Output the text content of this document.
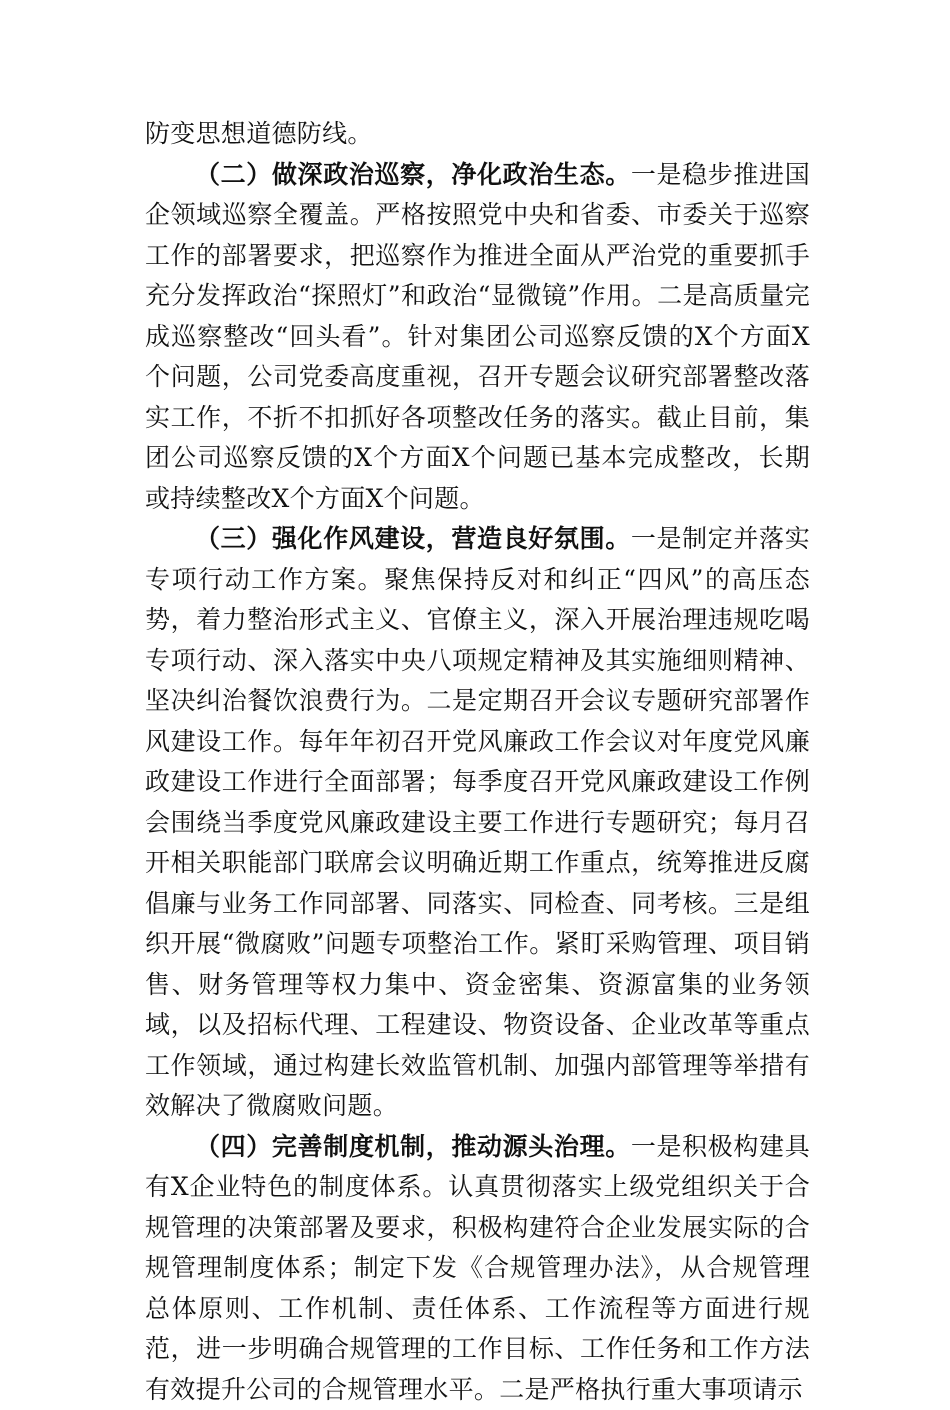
防变思想道德防线。

（二）做深政治巡察，净化政治生态。一是稳步推进国企领域巡察全覆盖。严格按照党中央和省委、市委关于巡察工作的部署要求，把巡察作为推进全面从严治党的重要抓手充分发挥政治“探照灯”和政治“显微镜”作用。二是高质量完成巡察整改“回头看”。针对集团公司巡察反馈的X个方面X个问题，公司党委高度重视，召开专题会议研究部署整改落实工作，不折不扣抓好各项整改任务的落实。截止目前，集团公司巡察反馈的X个方面X个问题已基本完成整改，长期或持续整改X个方面X个问题。

（三）强化作风建设，营造良好氛围。一是制定并落实专项行动工作方案。聚焦保持反对和纠正“四风”的高压态势，着力整治形式主义、官僚主义，深入开展治理违规吃喝专项行动、深入落实中央八项规定精神及其实施细则精神、坚决纠治餐饮浪费行为。二是定期召开会议专题研究部署作风建设工作。每年年初召开党风廉政工作会议对年度党风廉政建设工作进行全面部署；每季度召开党风廉政建设工作例会围绕当季度党风廉政建设主要工作进行专题研究；每月召开相关职能部门联席会议明确近期工作重点，统筹推进反腐倡廉与业务工作同部署、同落实、同检查、同考核。三是组织开展“微腐败”问题专项整治工作。紧盯采购管理、项目销售、财务管理等权力集中、资金密集、资源富集的业务领域，以及招标代理、工程建设、物资设备、企业改革等重点工作领域，通过构建长效监管机制、加强内部管理等举措有效解决了微腐败问题。

（四）完善制度机制，推动源头治理。一是积极构建具有X企业特色的制度体系。认真贯彻落实上级党组织关于合规管理的决策部署及要求，积极构建符合企业发展实际的合规管理制度体系；制定下发《合规管理办法》，从合规管理总体原则、工作机制、责任体系、工作流程等方面进行规范，进一步明确合规管理的工作目标、工作任务和工作方法有效提升公司的合规管理水平。二是严格执行重大事项请示
